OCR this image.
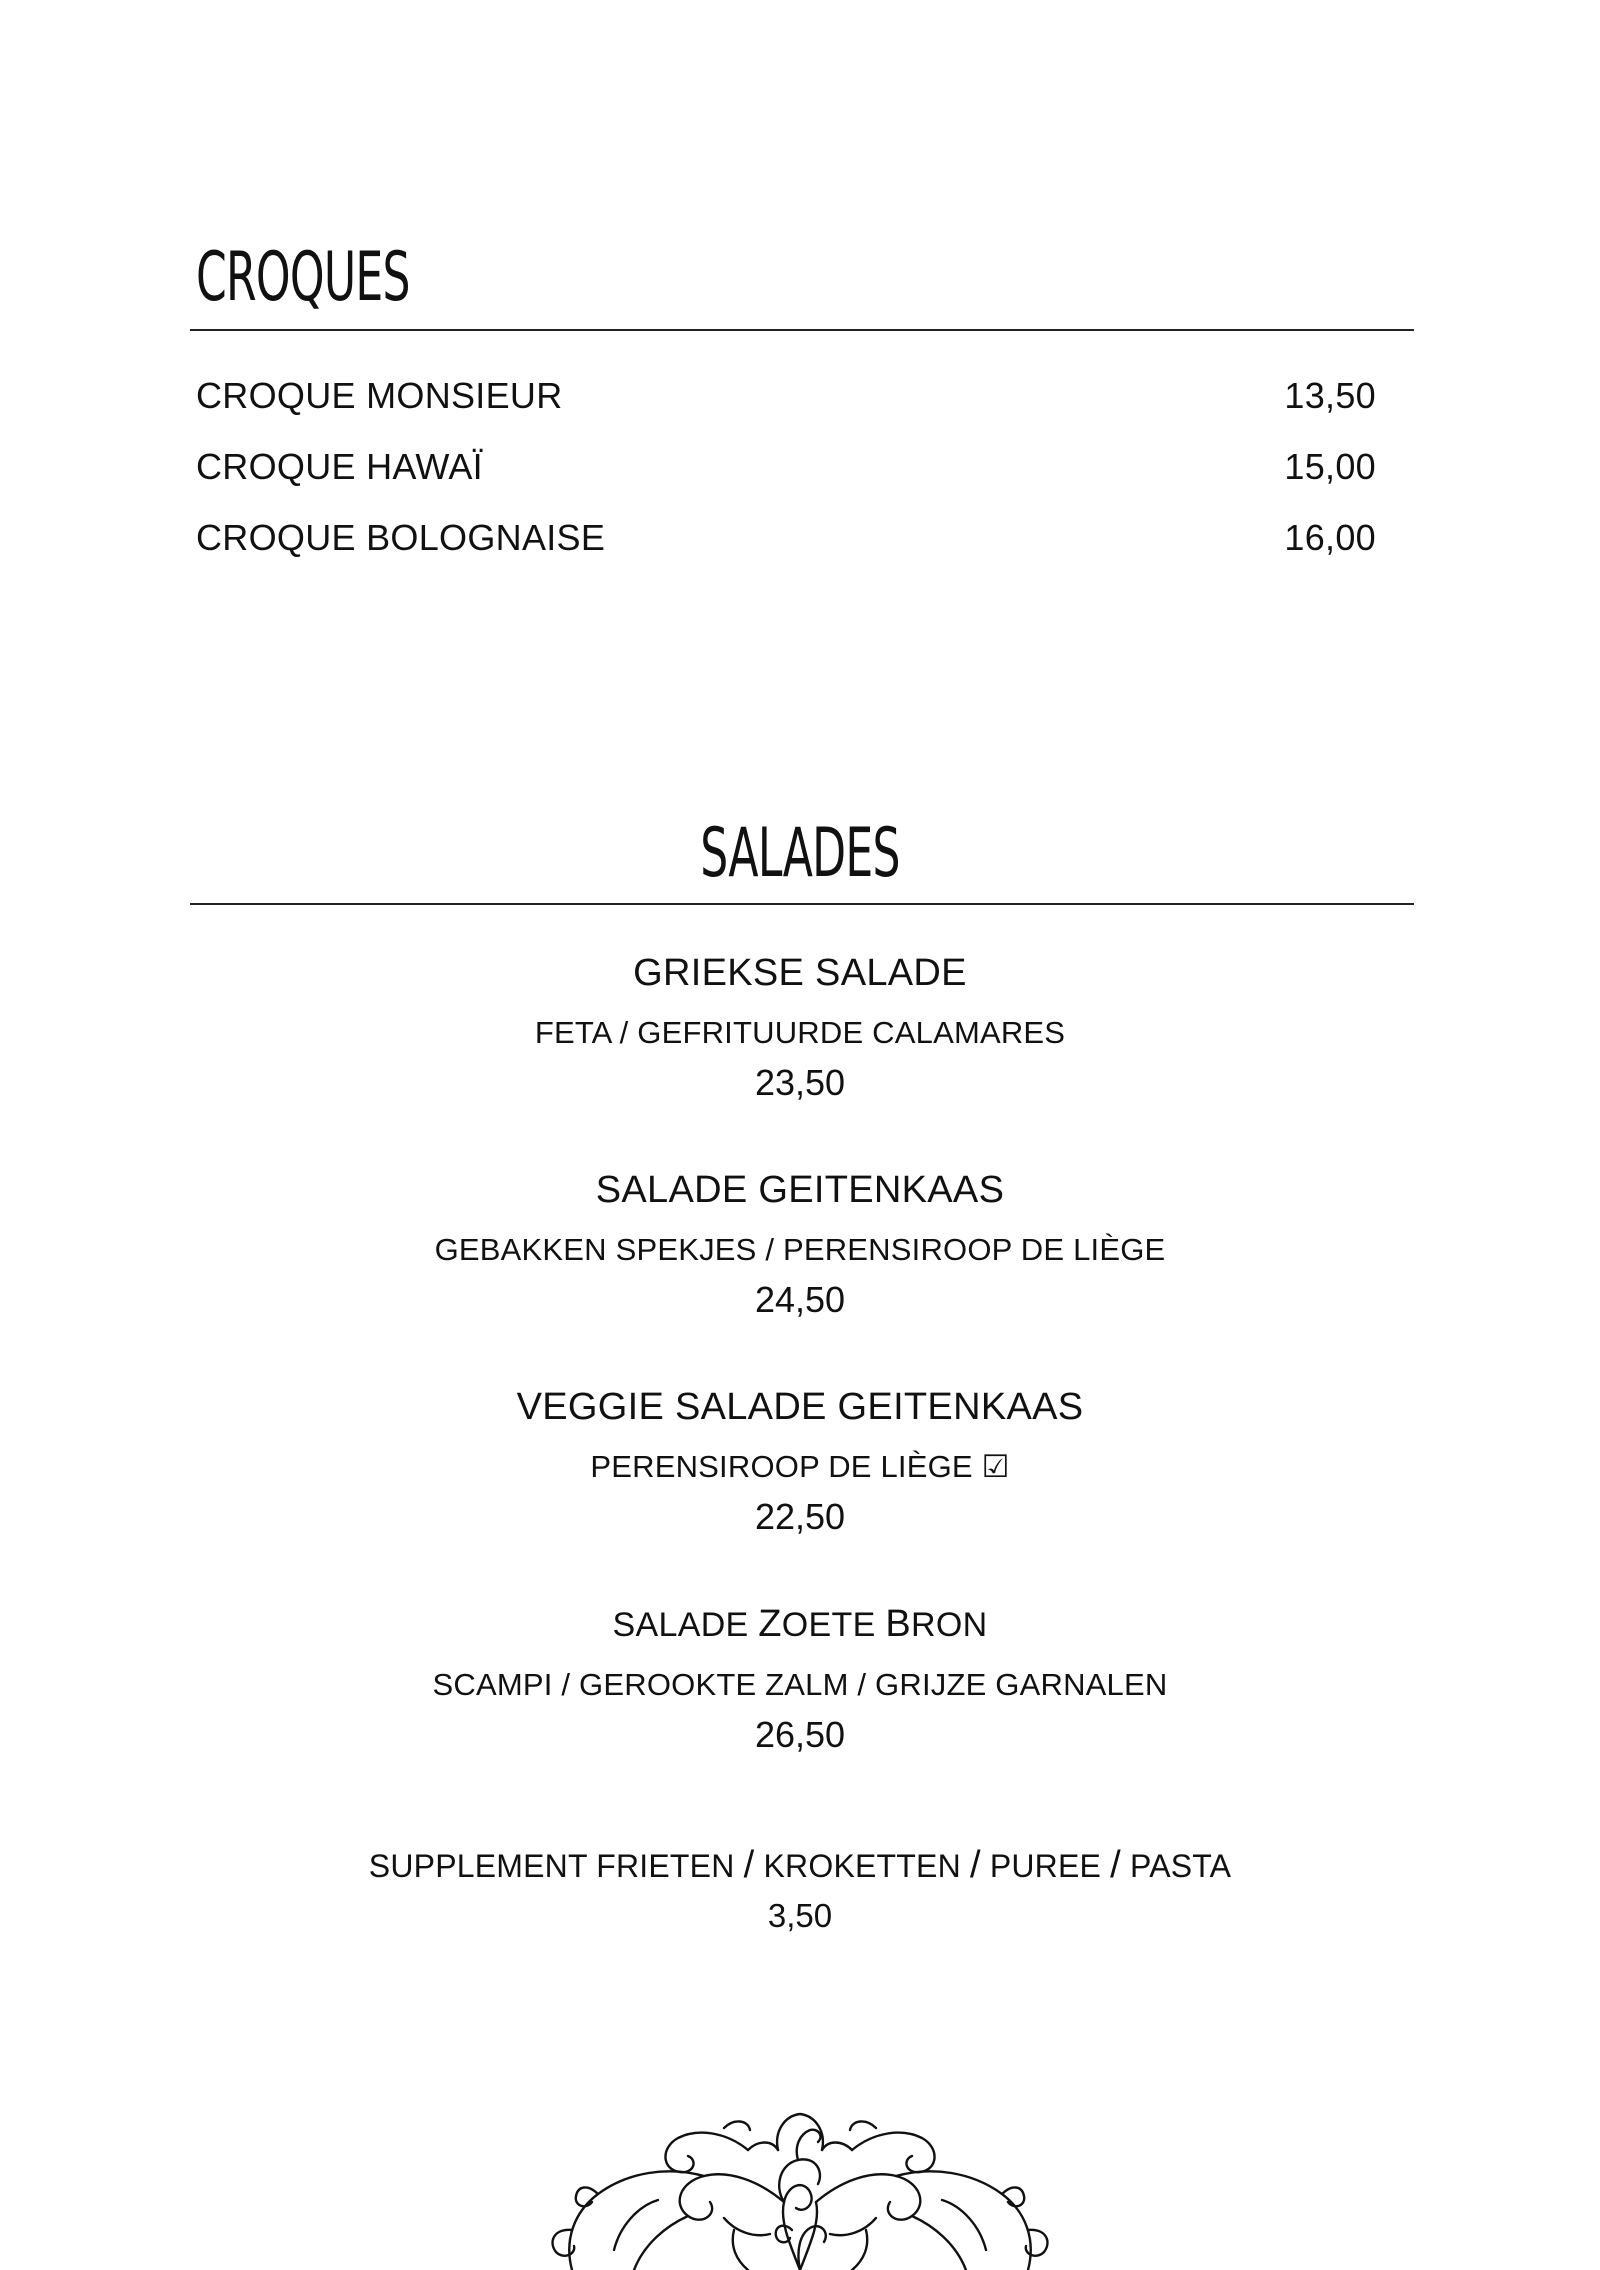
CROQUES
CROQUE MONSIEUR	13,50
CROQUE HAWAÏ	15,00
CROQUE BOLOGNAISE	16,00
SALADES
GRIEKSE SALADE
FETA / GEFRITUURDE CALAMARES
23,50
SALADE GEITENKAAS
GEBAKKEN SPEKJES / PERENSIROOP DE LIÈGE
24,50
VEGGIE SALADE GEITENKAAS
PERENSIROOP DE LIÈGE ☑
22,50
SALADE ZOETE BRON
SCAMPI / GEROOKTE ZALM / GRIJZE GARNALEN
26,50
SUPPLEMENT FRIETEN / KROKETTEN / PUREE / PASTA
3,50
